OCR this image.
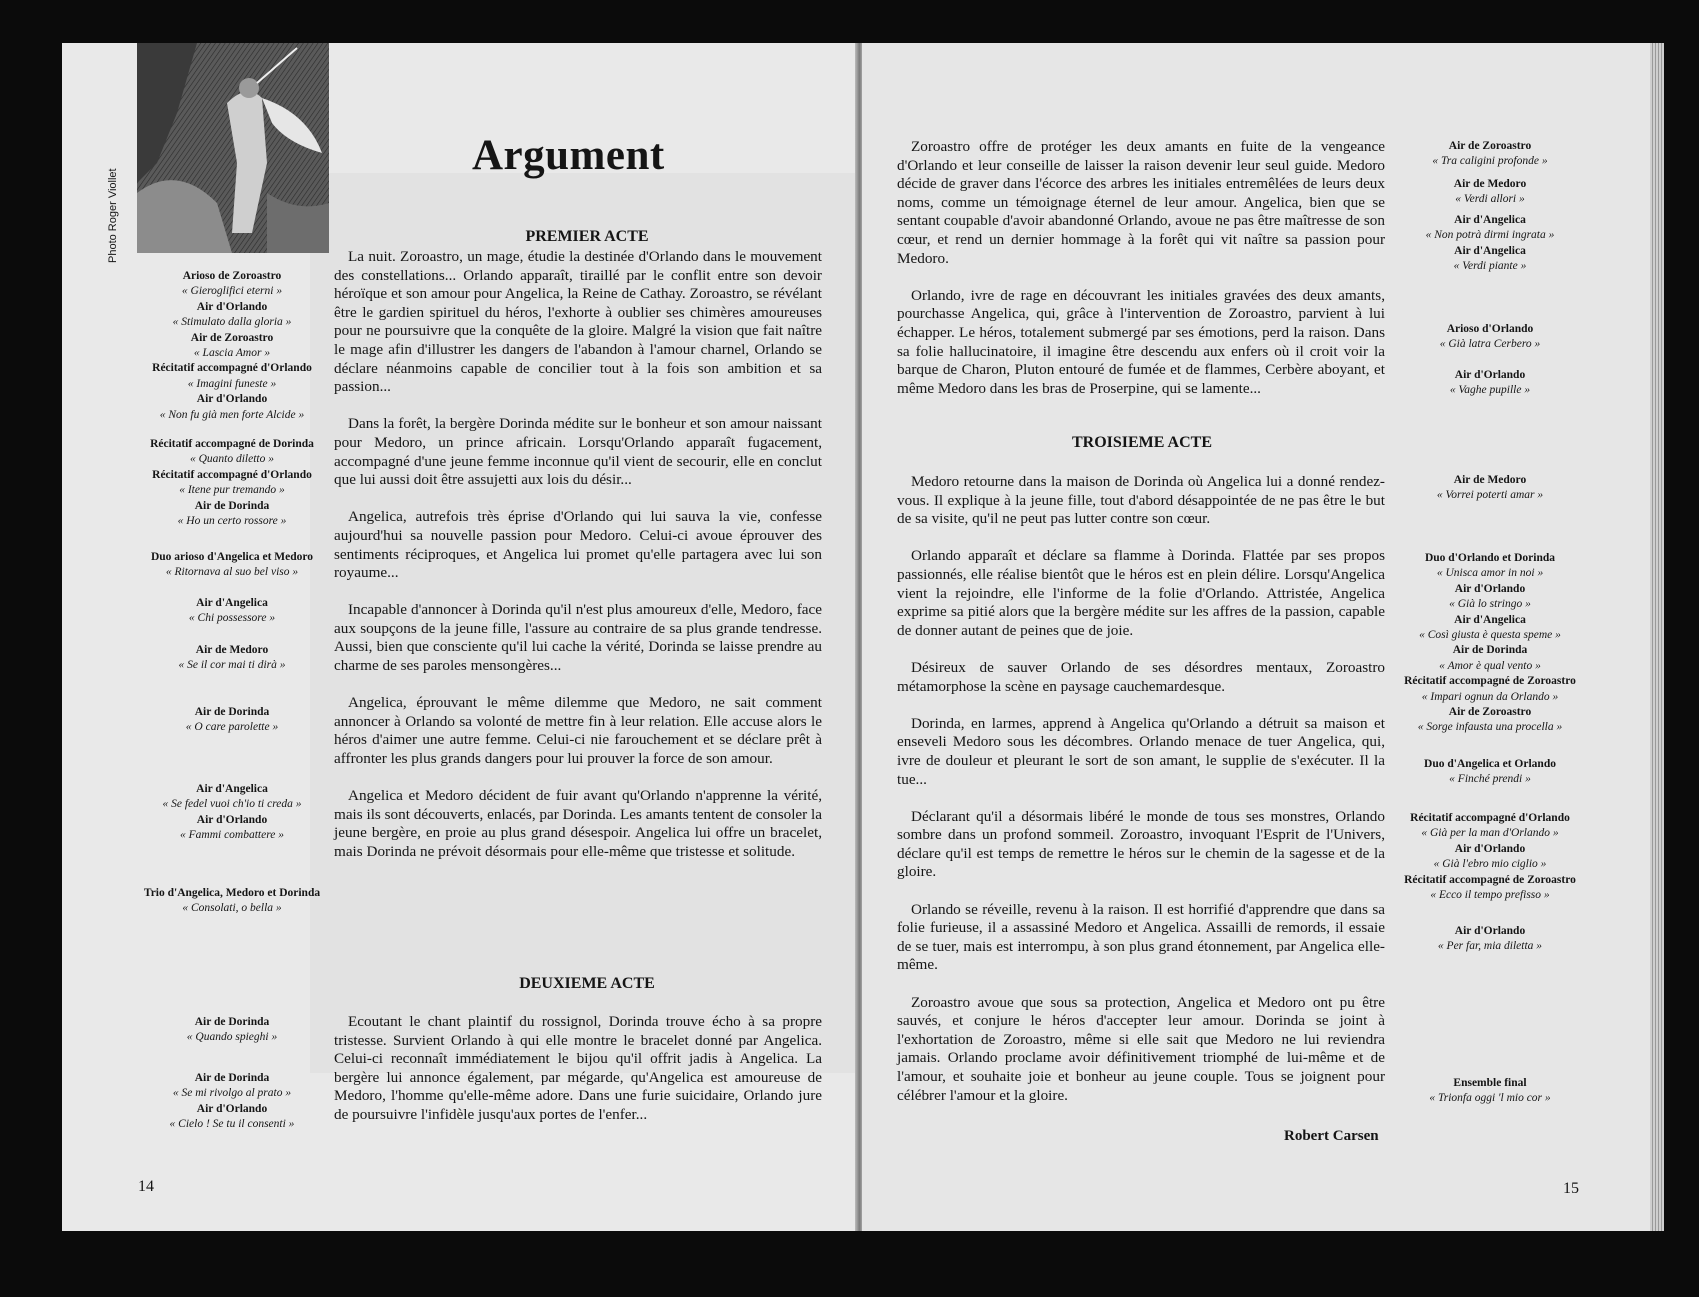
Photo Roger Viollet
Argument
PREMIER ACTE

La nuit. Zoroastro, un mage, étudie la destinée d'Orlando dans le mouvement des constellations... Orlando apparaît, tiraillé par le conflit entre son devoir héroïque et son amour pour Angelica, la Reine de Cathay. Zoroastro, se révélant être le gardien spirituel du héros, l'exhorte à oublier ses chimères amoureuses pour ne poursuivre que la conquête de la gloire. Malgré la vision que fait naître le mage afin d'illustrer les dangers de l'abandon à l'amour charnel, Orlando se déclare néanmoins capable de concilier tout à la fois son ambition et sa passion...

Dans la forêt, la bergère Dorinda médite sur le bonheur et son amour naissant pour Medoro, un prince africain. Lorsqu'Orlando apparaît fugacement, accompagné d'une jeune femme inconnue qu'il vient de secourir, elle en conclut que lui aussi doit être assujetti aux lois du désir...

Angelica, autrefois très éprise d'Orlando qui lui sauva la vie, confesse aujourd'hui sa nouvelle passion pour Medoro. Celui-ci avoue éprouver des sentiments réciproques, et Angelica lui promet qu'elle partagera avec lui son royaume...

Incapable d'annoncer à Dorinda qu'il n'est plus amoureux d'elle, Medoro, face aux soupçons de la jeune fille, l'assure au contraire de sa plus grande tendresse. Aussi, bien que consciente qu'il lui cache la vérité, Dorinda se laisse prendre au charme de ses paroles mensongères...

Angelica, éprouvant le même dilemme que Medoro, ne sait comment annoncer à Orlando sa volonté de mettre fin à leur relation. Elle accuse alors le héros d'aimer une autre femme. Celui-ci nie farouchement et se déclare prêt à affronter les plus grands dangers pour lui prouver la force de son amour.

Angelica et Medoro décident de fuir avant qu'Orlando n'apprenne la vérité, mais ils sont découverts, enlacés, par Dorinda. Les amants tentent de consoler la jeune bergère, en proie au plus grand désespoir. Angelica lui offre un bracelet, mais Dorinda ne prévoit désormais pour elle-même que tristesse et solitude.

DEUXIEME ACTE

Ecoutant le chant plaintif du rossignol, Dorinda trouve écho à sa propre tristesse. Survient Orlando à qui elle montre le bracelet donné par Angelica. Celui-ci reconnaît immédiatement le bijou qu'il offrit jadis à Angelica. La bergère lui annonce également, par mégarde, qu'Angelica est amoureuse de Medoro, l'homme qu'elle-même adore. Dans une furie suicidaire, Orlando jure de poursuivre l'infidèle jusqu'aux portes de l'enfer...

Arioso de Zoroastro
« Gieroglifici eterni »
Air d'Orlando
« Stimulato dalla gloria »
Air de Zoroastro
« Lascia Amor »
Récitatif accompagné d'Orlando
« Imagini funeste »
Air d'Orlando
« Non fu già men forte Alcide »
Récitatif accompagné de Dorinda
« Quanto diletto »
Récitatif accompagné d'Orlando
« Itene pur tremando »
Air de Dorinda
« Ho un certo rossore »
Duo arioso d'Angelica et Medoro
« Ritornava al suo bel viso »
Air d'Angelica
« Chi possessore »
Air de Medoro
« Se il cor mai ti dirà »
Air de Dorinda
« O care parolette »
Air d'Angelica
« Se fedel vuoi ch'io ti creda »
Air d'Orlando
« Fammi combattere »
Trio d'Angelica, Medoro et Dorinda
« Consolati, o bella »
Air de Dorinda
« Quando spieghi »
Air de Dorinda
« Se mi rivolgo al prato »
Air d'Orlando
« Cielo ! Se tu il consenti »
14

Zoroastro offre de protéger les deux amants en fuite de la vengeance d'Orlando et leur conseille de laisser la raison devenir leur seul guide. Medoro décide de graver dans l'écorce des arbres les initiales entremêlées de leurs deux noms, comme un témoignage éternel de leur amour. Angelica, bien que se sentant coupable d'avoir abandonné Orlando, avoue ne pas être maîtresse de son cœur, et rend un dernier hommage à la forêt qui vit naître sa passion pour Medoro.

Orlando, ivre de rage en découvrant les initiales gravées des deux amants, pourchasse Angelica, qui, grâce à l'intervention de Zoroastro, parvient à lui échapper. Le héros, totalement submergé par ses émotions, perd la raison. Dans sa folie hallucinatoire, il imagine être descendu aux enfers où il croit voir la barque de Charon, Pluton entouré de fumée et de flammes, Cerbère aboyant, et même Medoro dans les bras de Proserpine, qui se lamente...

TROISIEME ACTE

Medoro retourne dans la maison de Dorinda où Angelica lui a donné rendez-vous. Il explique à la jeune fille, tout d'abord désappointée de ne pas être le but de sa visite, qu'il ne peut pas lutter contre son cœur.

Orlando apparaît et déclare sa flamme à Dorinda. Flattée par ses propos passionnés, elle réalise bientôt que le héros est en plein délire. Lorsqu'Angelica vient la rejoindre, elle l'informe de la folie d'Orlando. Attristée, Angelica exprime sa pitié alors que la bergère médite sur les affres de la passion, capable de donner autant de peines que de joie.

Désireux de sauver Orlando de ses désordres mentaux, Zoroastro métamorphose la scène en paysage cauchemardesque.

Dorinda, en larmes, apprend à Angelica qu'Orlando a détruit sa maison et enseveli Medoro sous les décombres. Orlando menace de tuer Angelica, qui, ivre de douleur et pleurant le sort de son amant, le supplie de s'exécuter. Il la tue...

Déclarant qu'il a désormais libéré le monde de tous ses monstres, Orlando sombre dans un profond sommeil. Zoroastro, invoquant l'Esprit de l'Univers, déclare qu'il est temps de remettre le héros sur le chemin de la sagesse et de la gloire.

Orlando se réveille, revenu à la raison. Il est horrifié d'apprendre que dans sa folie furieuse, il a assassiné Medoro et Angelica. Assailli de remords, il essaie de se tuer, mais est interrompu, à son plus grand étonnement, par Angelica elle-même.

Zoroastro avoue que sous sa protection, Angelica et Medoro ont pu être sauvés, et conjure le héros d'accepter leur amour. Dorinda se joint à l'exhortation de Zoroastro, même si elle sait que Medoro ne lui reviendra jamais. Orlando proclame avoir définitivement triomphé de lui-même et de l'amour, et souhaite joie et bonheur au jeune couple. Tous se joignent pour célébrer l'amour et la gloire.

Robert Carsen
Air de Zoroastro
« Tra caligini profonde »
Air de Medoro
« Verdi allori »
Air d'Angelica
« Non potrà dirmi ingrata »
Air d'Angelica
« Verdi piante »
Arioso d'Orlando
« Già latra Cerbero »
Air d'Orlando
« Vaghe pupille »
Air de Medoro
« Vorrei poterti amar »
Duo d'Orlando et Dorinda
« Unisca amor in noi »
Air d'Orlando
« Già lo stringo »
Air d'Angelica
« Così giusta è questa speme »
Air de Dorinda
« Amor è qual vento »
Récitatif accompagné de Zoroastro
« Impari ognun da Orlando »
Air de Zoroastro
« Sorge infausta una procella »
Duo d'Angelica et Orlando
« Finché prendi »
Récitatif accompagné d'Orlando
« Già per la man d'Orlando »
Air d'Orlando
« Già l'ebro mio ciglio »
Récitatif accompagné de Zoroastro
« Ecco il tempo prefisso »
Air d'Orlando
« Per far, mia diletta »
Ensemble final
« Trionfa oggi 'l mio cor »
15
